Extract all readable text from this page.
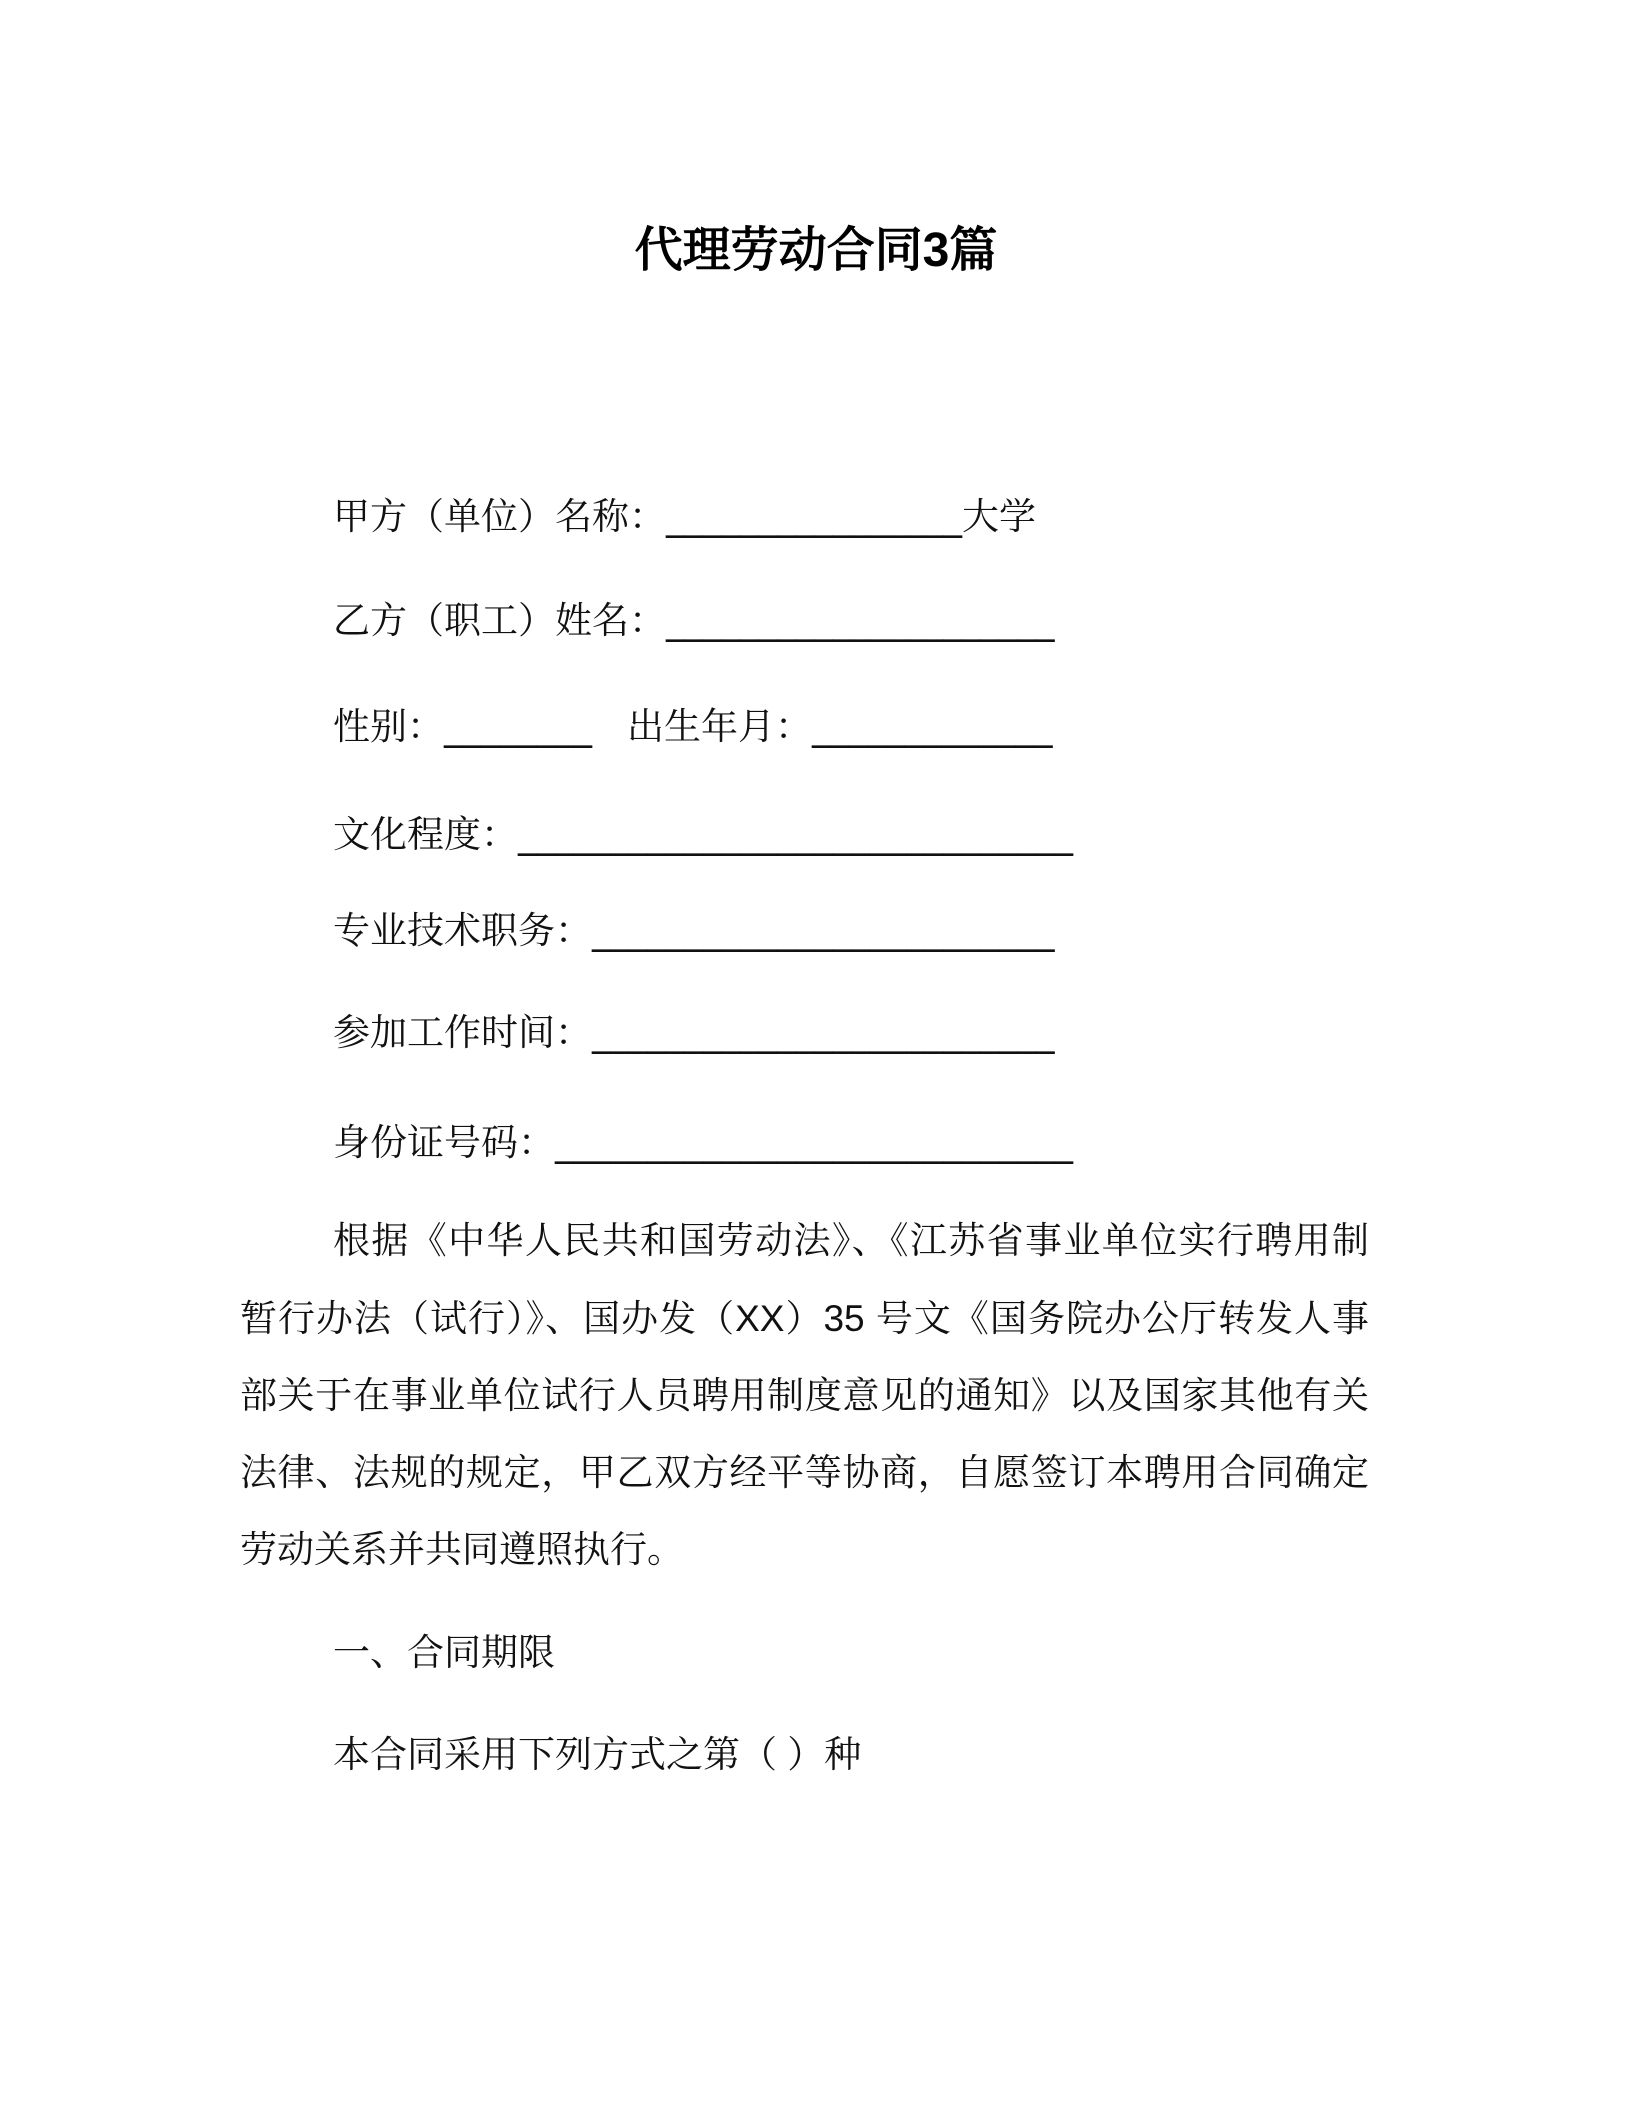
代理劳动合同3篇
甲方（单位）名称：________________大学
乙方（职工）姓名：_____________________
性别：________ 出生年月：_____________
文化程度：______________________________
专业技术职务：_________________________
参加工作时间：_________________________
身份证号码：____________________________
根据《中华人民共和国劳动法》、《江苏省事业单位实行聘用制
暂行办法（试行）》、国办发（XX）35 号文《国务院办公厅转发人事
部关于在事业单位试行人员聘用制度意见的通知》以及国家其他有关
法律、法规的规定，甲乙双方经平等协商，自愿签订本聘用合同确定
劳动关系并共同遵照执行。
一、合同期限
本合同采用下列方式之第（ ）种
